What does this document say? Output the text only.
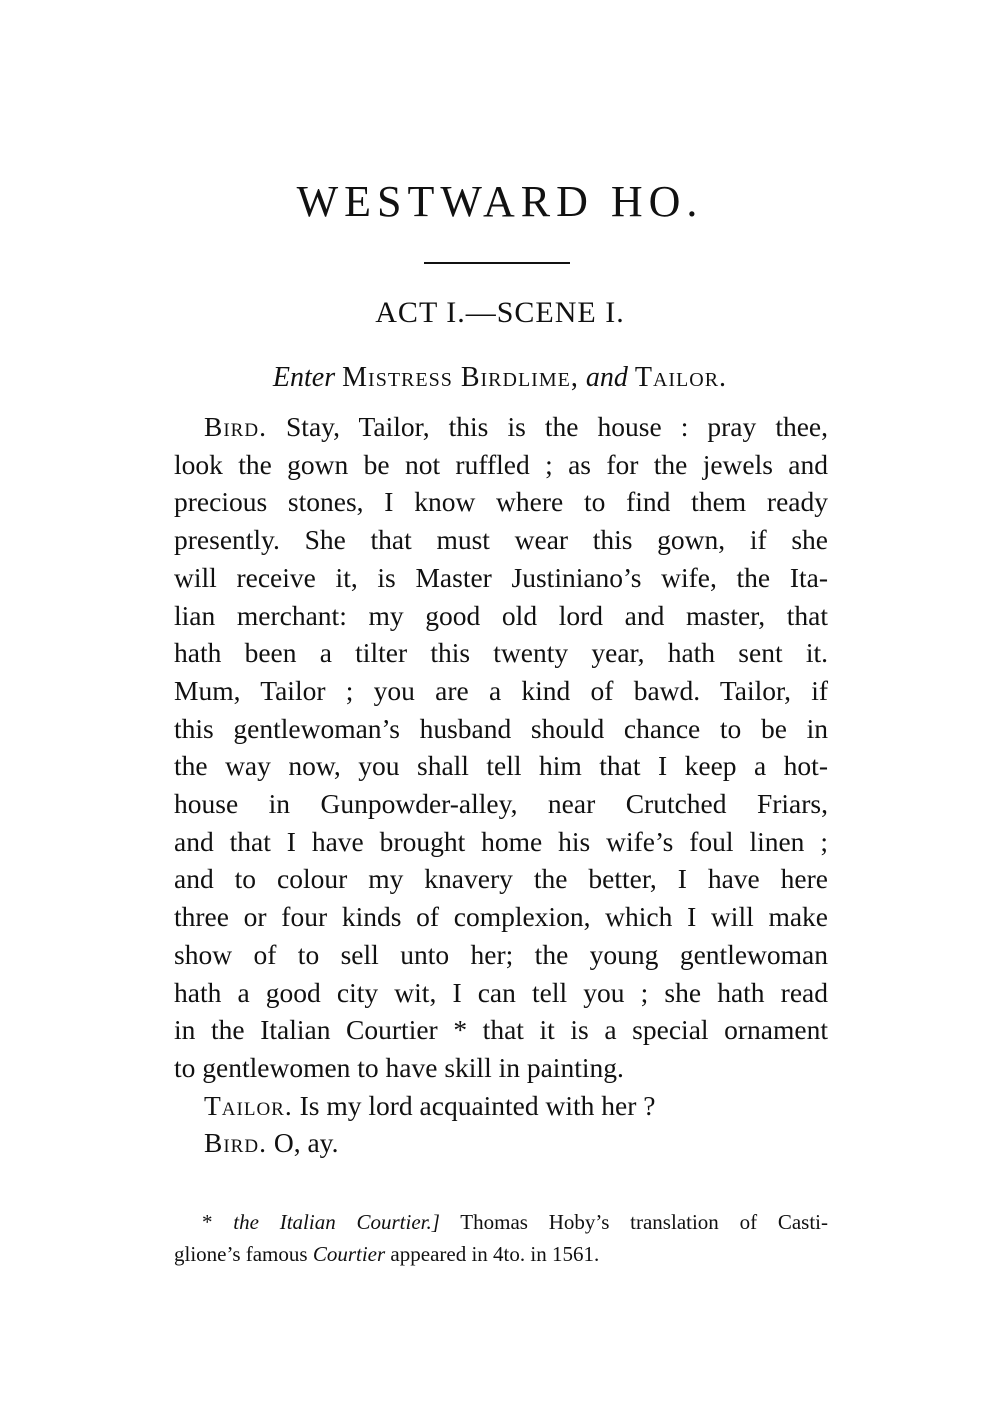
WESTWARD HO.
ACT I.—SCENE I.
Enter Mistress Birdlime, and Tailor.
Bird. Stay, Tailor, this is the house : pray thee,
look the gown be not ruffled ; as for the jewels and
precious stones, I know where to find them ready
presently. She that must wear this gown, if she
will receive it, is Master Justiniano’s wife, the Ita-
lian merchant: my good old lord and master, that
hath been a tilter this twenty year, hath sent it.
Mum, Tailor ; you are a kind of bawd. Tailor, if
this gentlewoman’s husband should chance to be in
the way now, you shall tell him that I keep a hot-
house in Gunpowder-alley, near Crutched Friars,
and that I have brought home his wife’s foul linen ;
and to colour my knavery the better, I have here
three or four kinds of complexion, which I will make
show of to sell unto her; the young gentlewoman
hath a good city wit, I can tell you ; she hath read
in the Italian Courtier * that it is a special ornament
to gentlewomen to have skill in painting.
Tailor. Is my lord acquainted with her ?
Bird. O, ay.
* the Italian Courtier.] Thomas Hoby’s translation of Casti-
glione’s famous Courtier appeared in 4to. in 1561.
